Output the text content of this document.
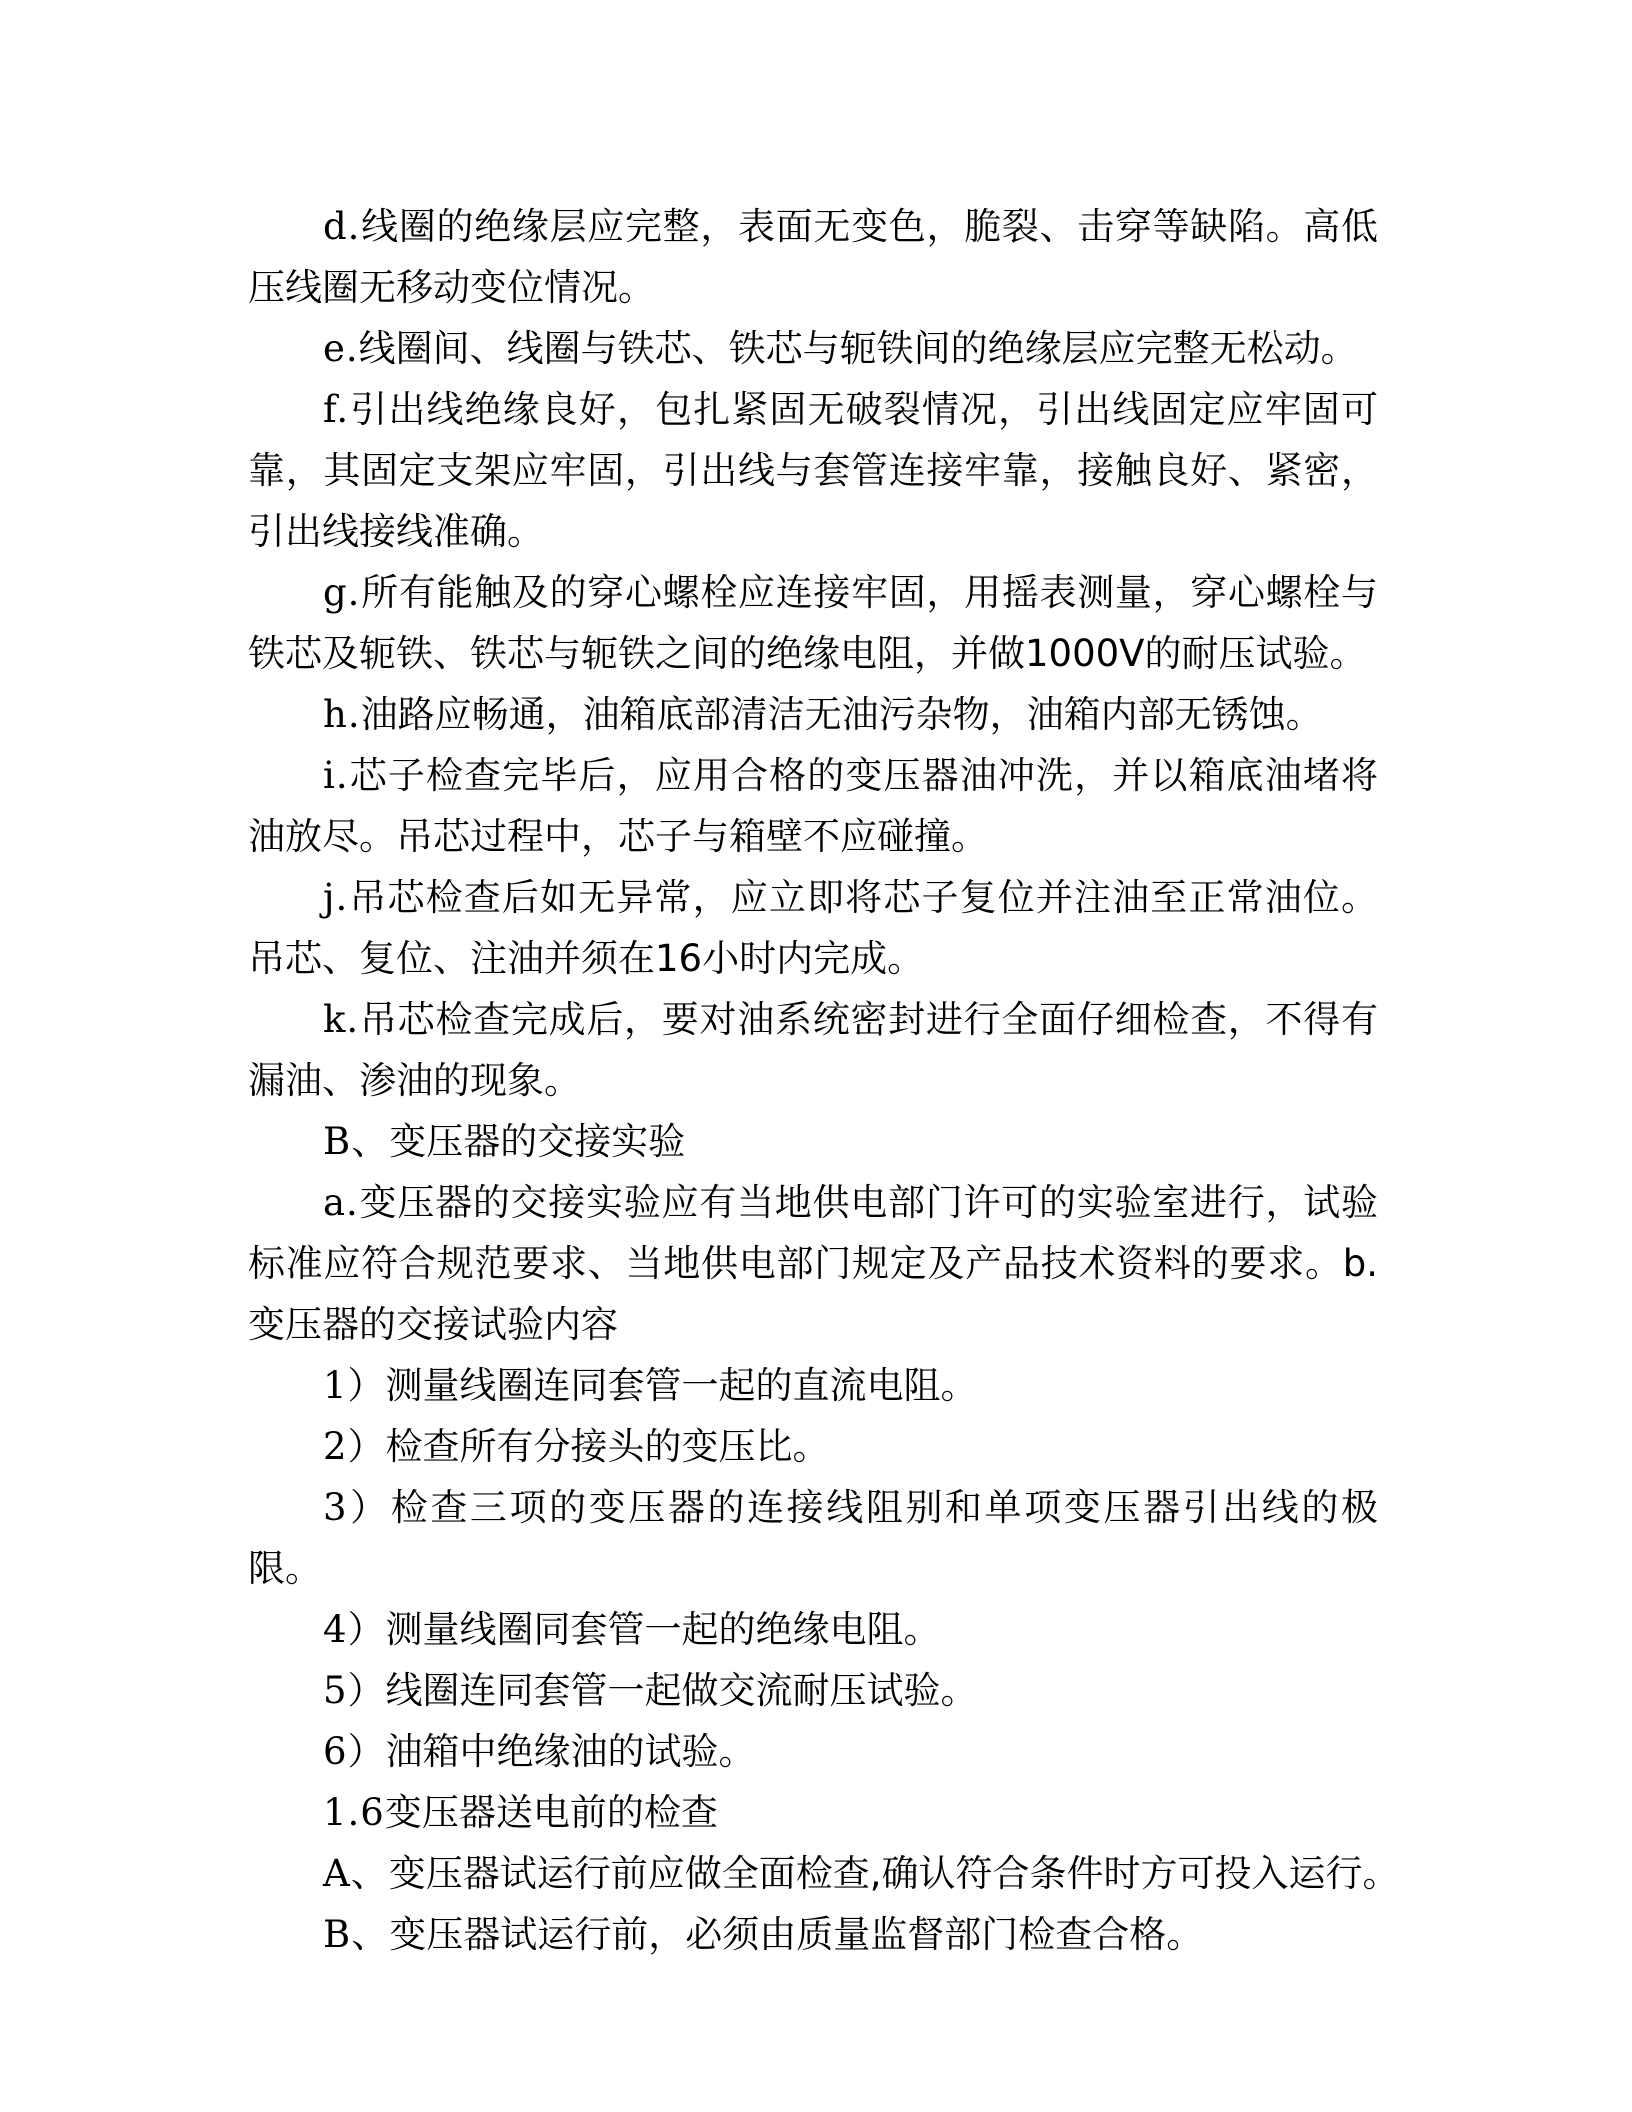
d.线圈的绝缘层应完整，表面无变色，脆裂、击穿等缺陷。高低压线圈无移动变位情况。

e.线圈间、线圈与铁芯、铁芯与轭铁间的绝缘层应完整无松动。

f.引出线绝缘良好，包扎紧固无破裂情况，引出线固定应牢固可靠，其固定支架应牢固，引出线与套管连接牢靠，接触良好、紧密，引出线接线准确。

g.所有能触及的穿心螺栓应连接牢固，用摇表测量，穿心螺栓与铁芯及轭铁、铁芯与轭铁之间的绝缘电阻，并做1000V的耐压试验。

h.油路应畅通，油箱底部清洁无油污杂物，油箱内部无锈蚀。

i.芯子检查完毕后，应用合格的变压器油冲洗，并以箱底油堵将油放尽。吊芯过程中，芯子与箱壁不应碰撞。

j.吊芯检查后如无异常，应立即将芯子复位并注油至正常油位。吊芯、复位、注油并须在16小时内完成。

k.吊芯检查完成后，要对油系统密封进行全面仔细检查，不得有漏油、渗油的现象。

B、变压器的交接实验

a.变压器的交接实验应有当地供电部门许可的实验室进行，试验标准应符合规范要求、当地供电部门规定及产品技术资料的要求。b.变压器的交接试验内容

1）测量线圈连同套管一起的直流电阻。

2）检查所有分接头的变压比。

3）检查三项的变压器的连接线阻别和单项变压器引出线的极限。

4）测量线圈同套管一起的绝缘电阻。

5）线圈连同套管一起做交流耐压试验。

6）油箱中绝缘油的试验。

1.6变压器送电前的检查

A、变压器试运行前应做全面检查,确认符合条件时方可投入运行。

B、变压器试运行前，必须由质量监督部门检查合格。
